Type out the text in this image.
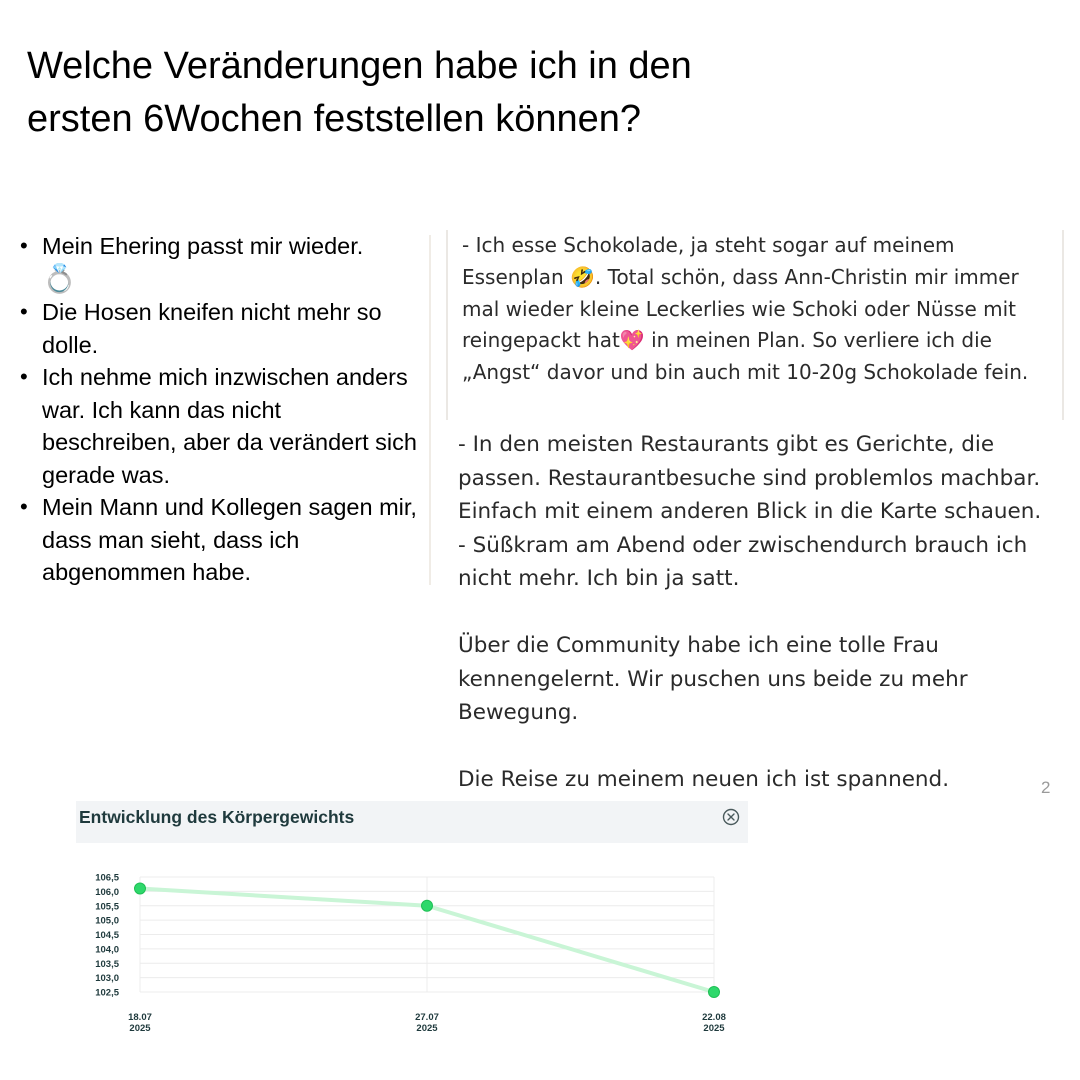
Welche Veränderungen habe ich in den ersten 6Wochen feststellen können?
• Mein Ehering passt mir wieder.
💍
• Die Hosen kneifen nicht mehr so dolle.
• Ich nehme mich inzwischen anders war. Ich kann das nicht beschreiben, aber da verändert sich gerade was.
• Mein Mann und Kollegen sagen mir, dass man sieht, dass ich abgenommen habe.

- Ich esse Schokolade, ja steht sogar auf meinem Essenplan 🤣. Total schön, dass Ann-Christin mir immer mal wieder kleine Leckerlies wie Schoki oder Nüsse mit reingepackt hat💖 in meinen Plan. So verliere ich die „Angst“ davor und bin auch mit 10-20g Schokolade fein.

- In den meisten Restaurants gibt es Gerichte, die passen. Restaurantbesuche sind problemlos machbar. Einfach mit einem anderen Blick in die Karte schauen.

- Süßkram am Abend oder zwischendurch brauch ich nicht mehr. Ich bin ja satt.

Über die Community habe ich eine tolle Frau kennengelernt. Wir puschen uns beide zu mehr Bewegung.

Die Reise zu meinem neuen ich ist spannend.	2
Entwicklung des Körpergewichts
106,5
106,0
105,5
105,0
104,5
104,0
103,5
103,0
102,5
18.07 2025
27.07 2025
22.08 2025
